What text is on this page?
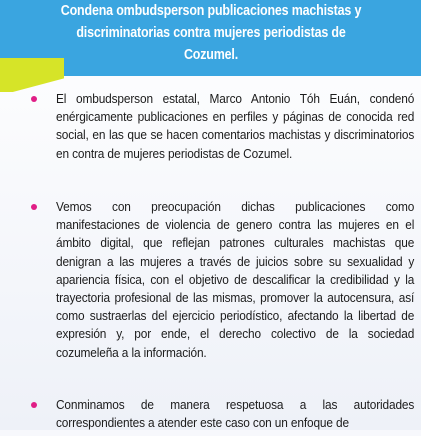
Condena ombudsperson publicaciones machistas y discriminatorias contra mujeres periodistas de Cozumel.
El ombudsperson estatal, Marco Antonio Tóh Euán, condenó enérgicamente publicaciones en perfiles y páginas de conocida red social, en las que se hacen comentarios machistas y discriminatorios en contra de mujeres periodistas de Cozumel.
Vemos con preocupación dichas publicaciones como manifestaciones de violencia de genero contra las mujeres en el ámbito digital, que reflejan patrones culturales machistas que denigran a las mujeres a través de juicios sobre su sexualidad y apariencia física, con el objetivo de descalificar la credibilidad y la trayectoria profesional de las mismas, promover la autocensura, así como sustraerlas del ejercicio periodístico, afectando la libertad de expresión y, por ende, el derecho colectivo de la sociedad cozumeleña a la información.
Conminamos de manera respetuosa a las autoridades correspondientes a atender este caso con un enfoque de
